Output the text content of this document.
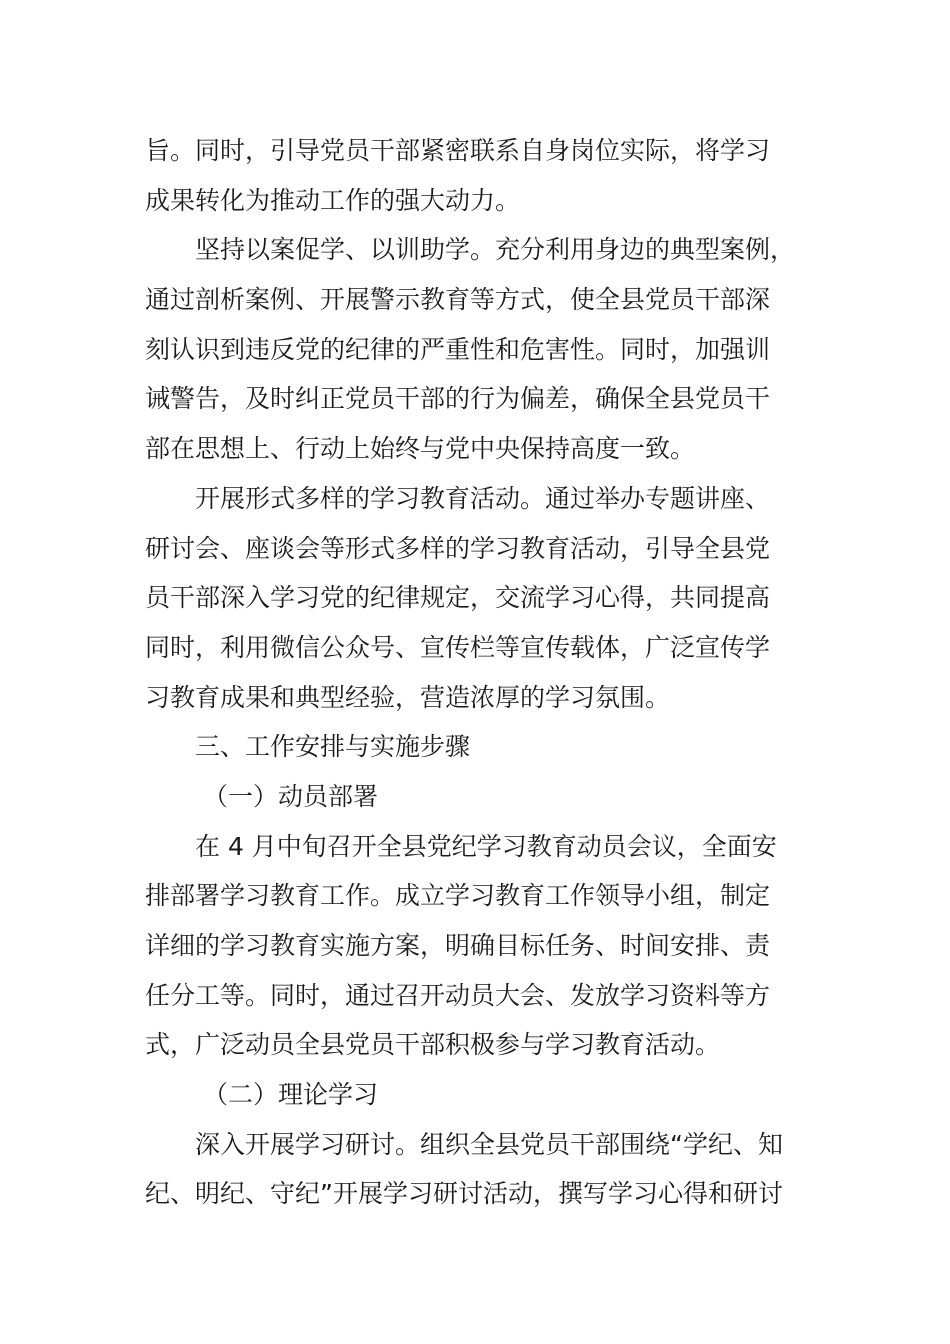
旨。同时，引导党员干部紧密联系自身岗位实际，将学习
成果转化为推动工作的强大动力。
坚持以案促学、以训助学。充分利用身边的典型案例，
通过剖析案例、开展警示教育等方式，使全县党员干部深
刻认识到违反党的纪律的严重性和危害性。同时，加强训
诫警告，及时纠正党员干部的行为偏差，确保全县党员干
部在思想上、行动上始终与党中央保持高度一致。
开展形式多样的学习教育活动。通过举办专题讲座、
研讨会、座谈会等形式多样的学习教育活动，引导全县党
员干部深入学习党的纪律规定，交流学习心得，共同提高
同时，利用微信公众号、宣传栏等宣传载体，广泛宣传学
习教育成果和典型经验，营造浓厚的学习氛围。
三、工作安排与实施步骤
（一）动员部署
在 4 月中旬召开全县党纪学习教育动员会议，全面安
排部署学习教育工作。成立学习教育工作领导小组，制定
详细的学习教育实施方案，明确目标任务、时间安排、责
任分工等。同时，通过召开动员大会、发放学习资料等方
式，广泛动员全县党员干部积极参与学习教育活动。
（二）理论学习
深入开展学习研讨。组织全县党员干部围绕“学纪、知
纪、明纪、守纪”开展学习研讨活动，撰写学习心得和研讨
